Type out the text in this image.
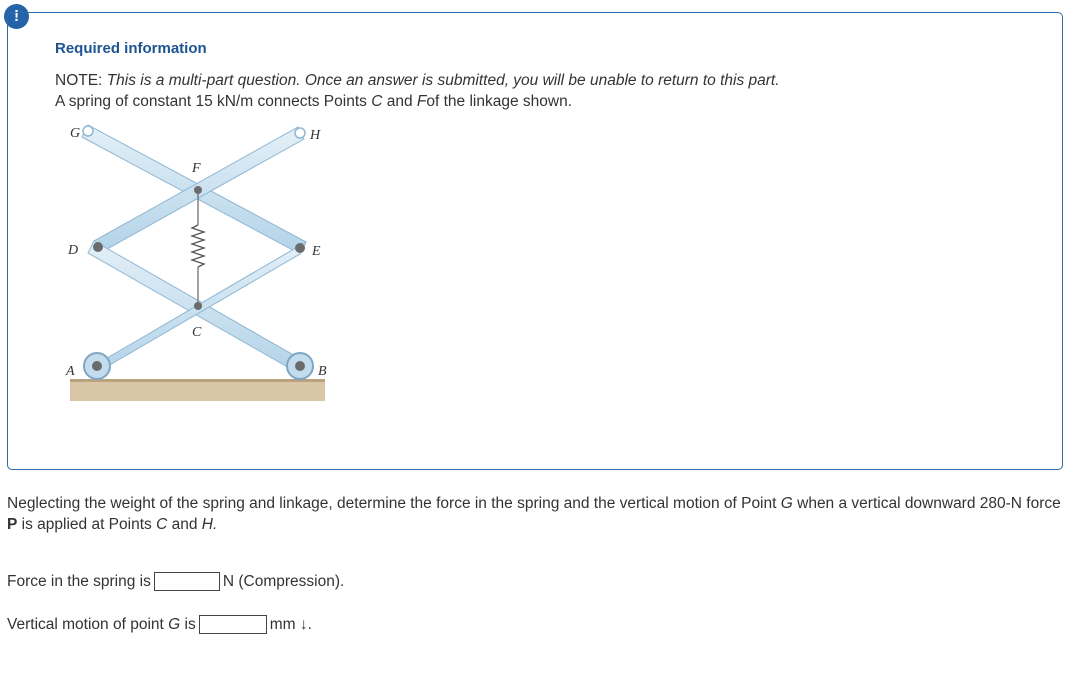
!
Required information
NOTE: This is a multi-part question. Once an answer is submitted, you will be unable to return to this part.
A spring of constant 15 kN/m connects Points C and Fof the linkage shown.
G	H
F
D	E
C
A	B
Neglecting the weight of the spring and linkage, determine the force in the spring and the vertical motion of Point G when a vertical downward 280-N force P is applied at Points C and H.
Force in the spring is	N (Compression).
Vertical motion of point
G
is	mm ↓.
